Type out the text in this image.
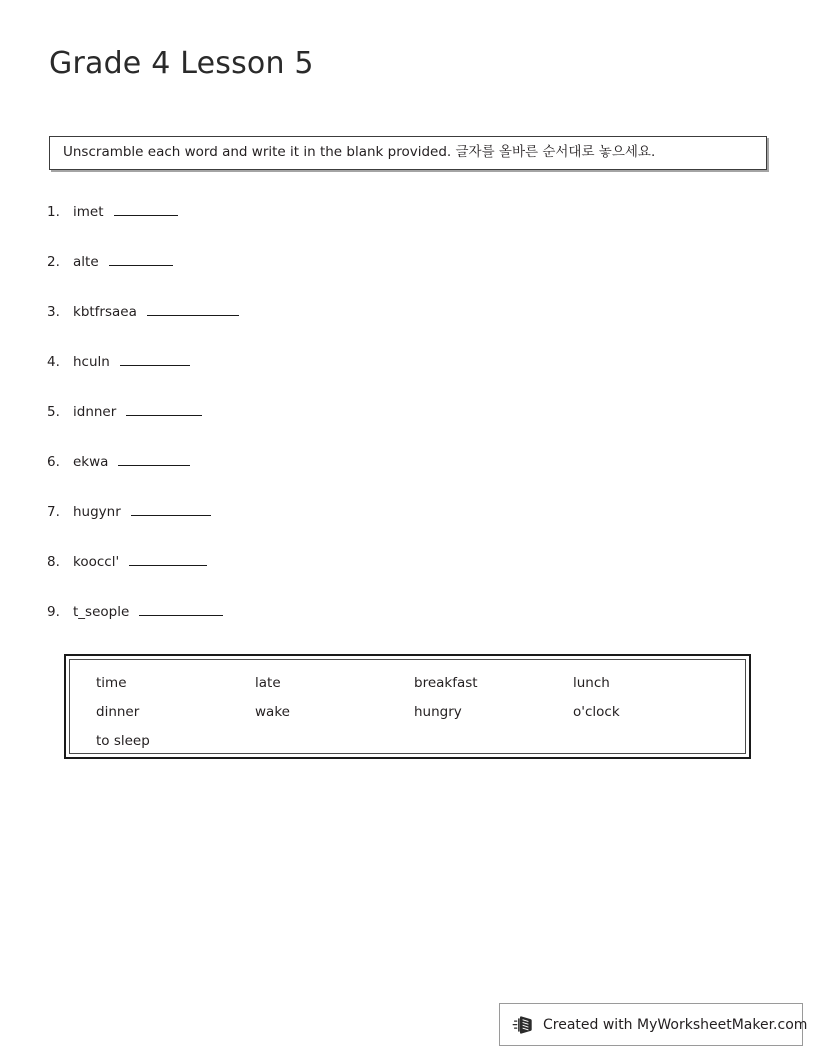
Grade 4 Lesson 5
Unscramble each word and write it in the blank provided. 글자를 올바른 순서대로 놓으세요.
1. imet
2. alte
3. kbtfrsaea
4. hculn
5. idnner
6. ekwa
7. hugynr
8. kooccl'
9. t_seople
time	late	breakfast	lunch
dinner	wake	hungry	o'clock
to sleep
Created with MyWorksheetMaker.com
